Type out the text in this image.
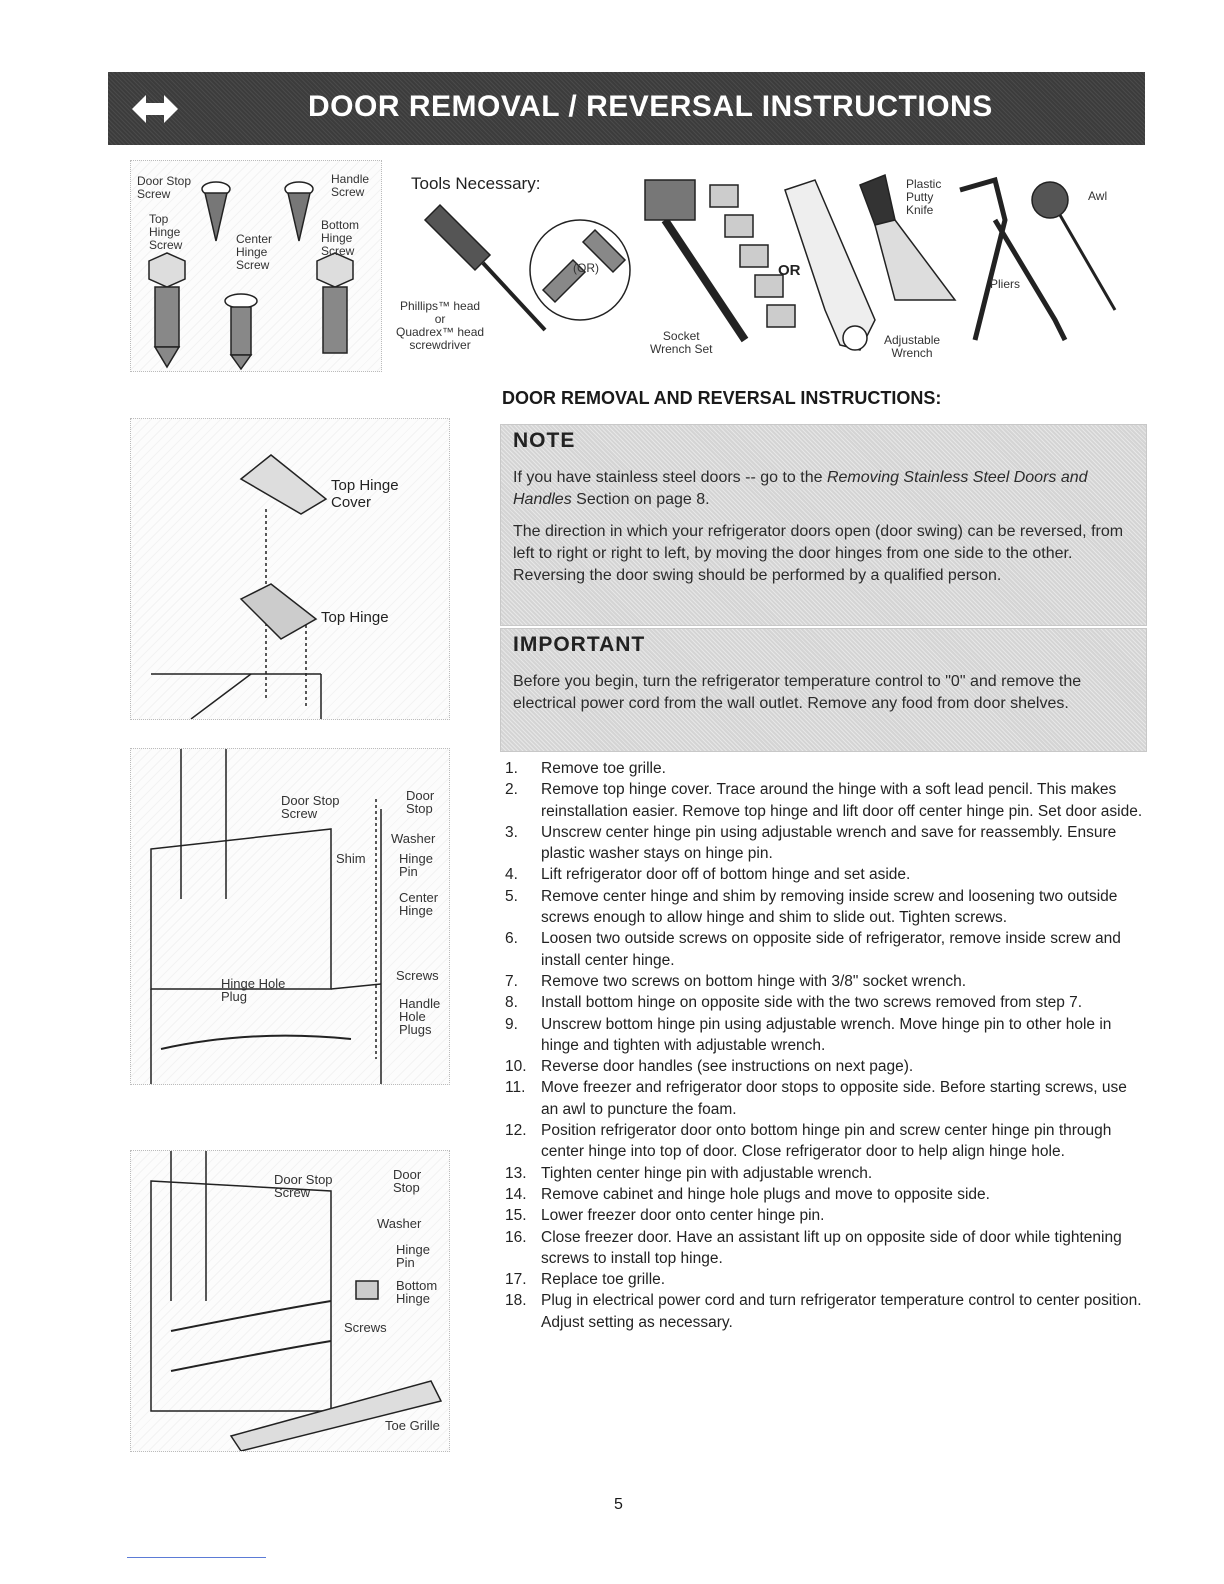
DOOR REMOVAL / REVERSAL INSTRUCTIONS
Door Stop
Screw
Handle
Screw
Top
Hinge
Screw	Center
Hinge
Screw
Bottom
Hinge
Screw
Tools Necessary:
Phillips™ head
or
Quadrex™ head
screwdriver
(OR)
Socket
Wrench Set
OR
Adjustable
Wrench
Plastic
Putty
Knife
Pliers
Awl
Top Hinge
Cover
Top Hinge
Door Stop
Screw
Door
Stop
Washer
Shim	Hinge
Pin
Center
Hinge
Screws
Hinge Hole
Plug	Handle
Hole
Plugs
Door Stop
Screw
Door
Stop
Washer
Hinge
Pin
Bottom
Hinge
Screws
Toe Grille
DOOR REMOVAL AND REVERSAL INSTRUCTIONS:
NOTE

If you have stainless steel doors -- go to the Removing Stainless Steel Doors and Handles Section on page 8.

The direction in which your refrigerator doors open (door swing) can be reversed, from left to right or right to left, by moving the door hinges from one side to the other. Reversing the door swing should be performed by a qualified person.

IMPORTANT

Before you begin, turn the refrigerator temperature control to "0" and remove the electrical power cord from the wall outlet. Remove any food from door shelves.

1. Remove toe grille.
2. Remove top hinge cover. Trace around the hinge with a soft lead pencil. This makes reinstallation easier. Remove top hinge and lift door off center hinge pin. Set door aside.
3. Unscrew center hinge pin using adjustable wrench and save for reassembly. Ensure plastic washer stays on hinge pin.
4. Lift refrigerator door off of bottom hinge and set aside.
5. Remove center hinge and shim by removing inside screw and loosening two outside screws enough to allow hinge and shim to slide out. Tighten screws.
6. Loosen two outside screws on opposite side of refrigerator, remove inside screw and install center hinge.
7. Remove two screws on bottom hinge with 3/8" socket wrench.
8. Install bottom hinge on opposite side with the two screws removed from step 7.
9. Unscrew bottom hinge pin using adjustable wrench. Move hinge pin to other hole in hinge and tighten with adjustable wrench.
10. Reverse door handles (see instructions on next page).
11. Move freezer and refrigerator door stops to opposite side. Before starting screws, use an awl to puncture the foam.
12. Position refrigerator door onto bottom hinge pin and screw center hinge pin through center hinge into top of door. Close refrigerator door to help align hinge hole.
13. Tighten center hinge pin with adjustable wrench.
14. Remove cabinet and hinge hole plugs and move to opposite side.
15. Lower freezer door onto center hinge pin.
16. Close freezer door. Have an assistant lift up on opposite side of door while tightening screws to install top hinge.
17. Replace toe grille.
18. Plug in electrical power cord and turn refrigerator temperature control to center position. Adjust setting as necessary.
5
